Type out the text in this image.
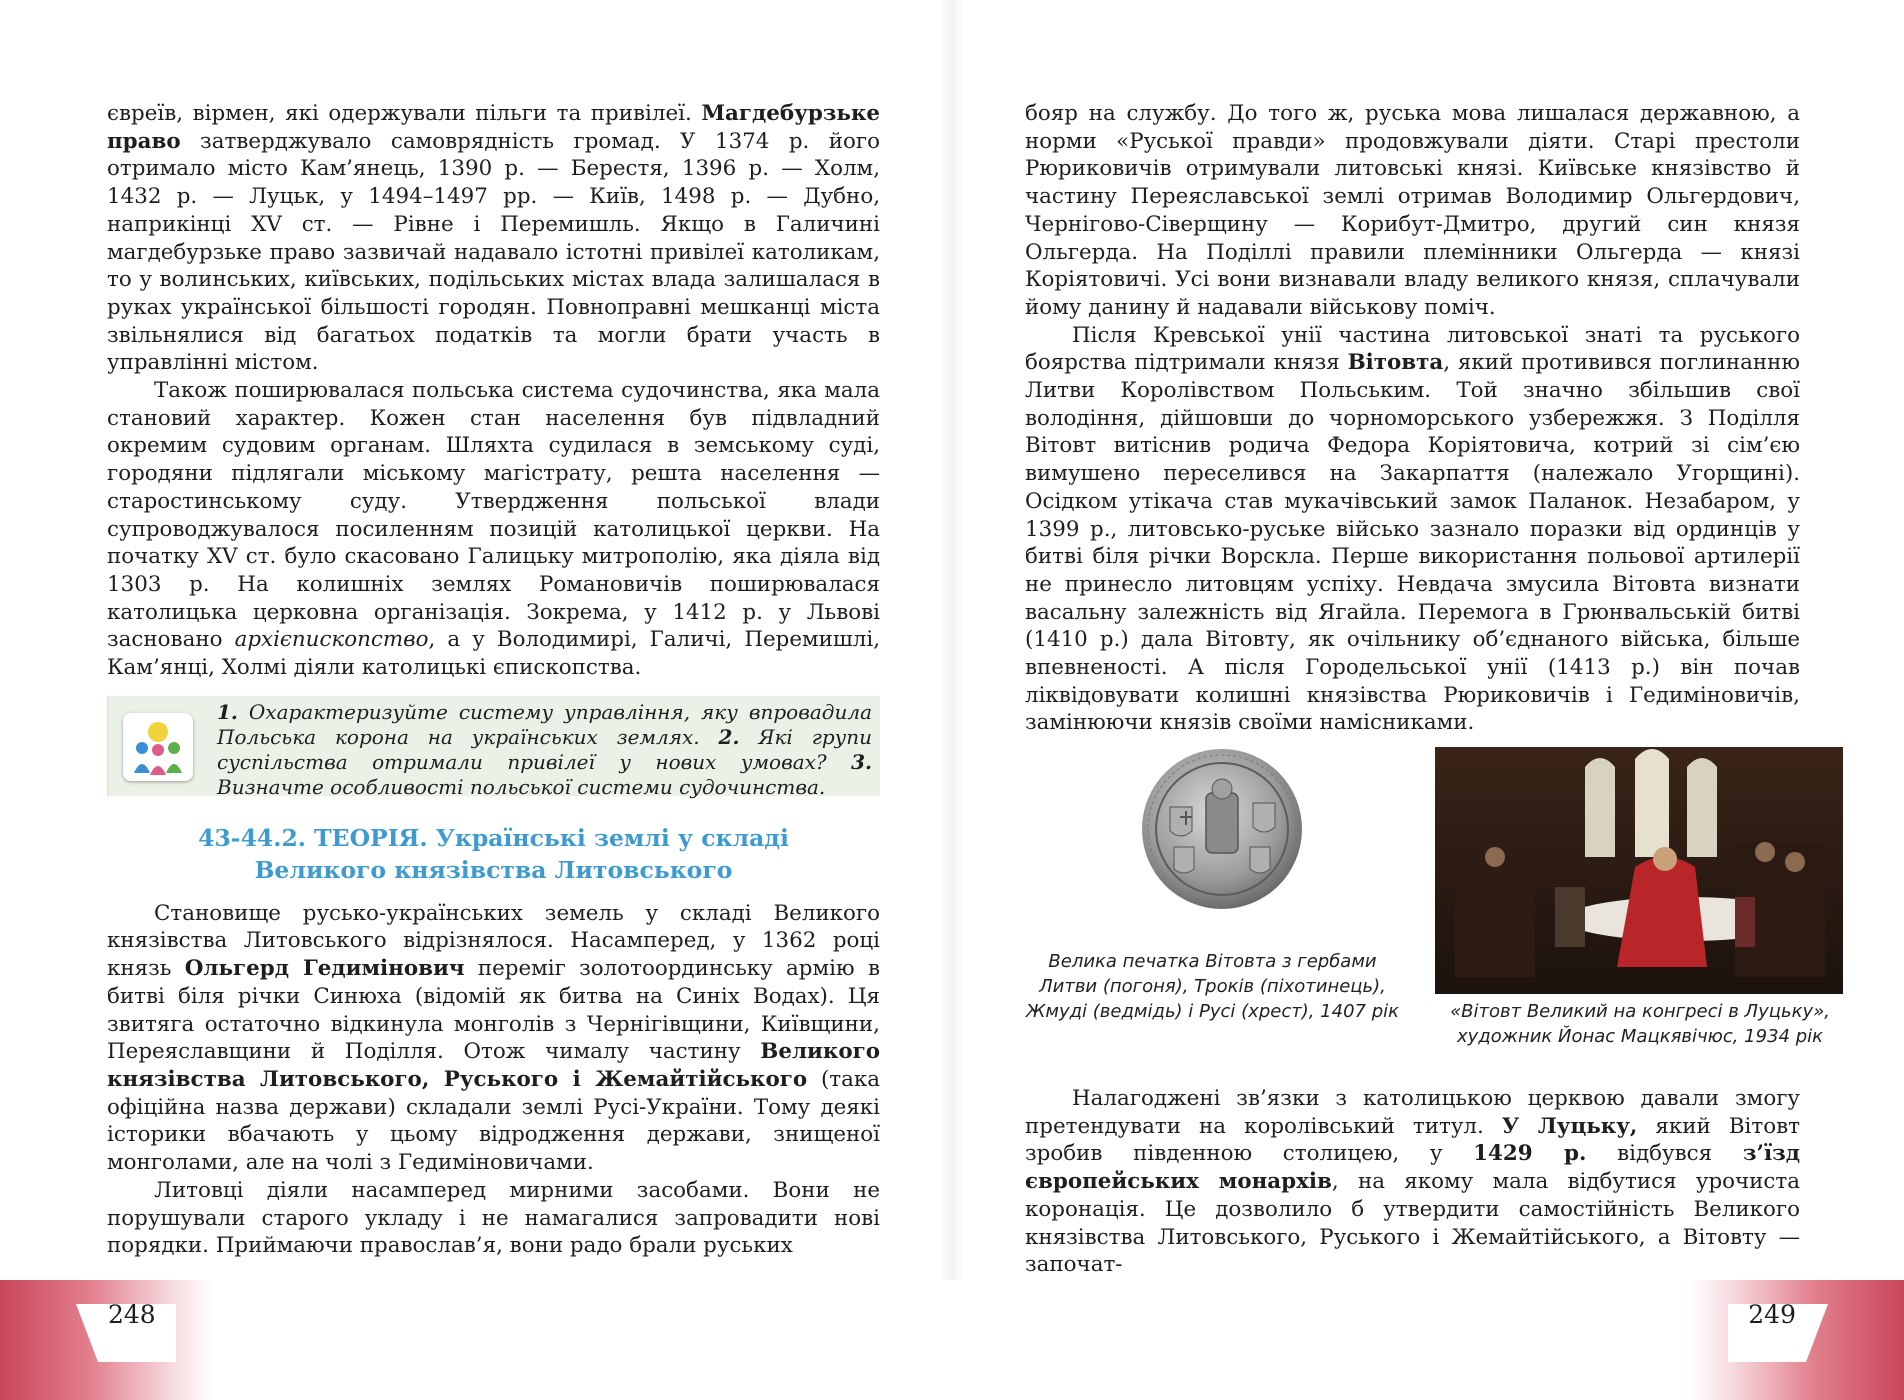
євреїв, вірмен, які одержували пільги та привілеї. Магдебурзьке право затверджувало самоврядність громад. У 1374 р. його отримало місто Кам’янець, 1390 р. — Берестя, 1396 р. — Холм, 1432 р. — Луцьк, у 1494–1497 рр. — Київ, 1498 р. — Дубно, наприкінці XV ст. — Рівне і Перемишль. Якщо в Галичині магдебурзьке право зазвичай надавало істотні привілеї католикам, то у волинських, київських, подільських містах влада залишалася в руках української більшості городян. Повноправні мешканці міста звільнялися від багатьох податків та могли брати участь в управлінні містом.

Також поширювалася польська система судочинства, яка мала становий характер. Кожен стан населення був підвладний окремим судовим органам. Шляхта судилася в земському суді, городяни підлягали міському магістрату, решта населення — старостинському суду. Утвердження польської влади супроводжувалося посиленням позицій католицької церкви. На початку XV ст. було скасовано Галицьку митрополію, яка діяла від 1303 р. На колишніх землях Романовичів поширювалася католицька церковна організація. Зокрема, у 1412 р. у Львові засновано архієпископство, а у Володимирі, Галичі, Перемишлі, Кам’янці, Холмі діяли католицькі єпископства.

1. Охарактеризуйте систему управління, яку впровадила Польська корона на українських землях. 2. Які групи суспільства отримали привілеї у нових умовах? 3. Визначте особливості польської системи судочинства.
43-44.2. ТЕОРІЯ. Українські землі у складі
Великого князівства Литовського

Становище русько-українських земель у складі Великого князівства Литовського відрізнялося. Насамперед, у 1362 році князь Ольгерд Гедимінович переміг золотоординську армію в битві біля річки Синюха (відомій як битва на Синіх Водах). Ця звитяга остаточно відкинула монголів з Чернігівщини, Київщини, Переяславщини й Поділля. Отож чималу частину Великого князівства Литовського, Руського і Жемайтійського (така офіційна назва держави) складали землі Русі-України. Тому деякі історики вбачають у цьому відродження держави, знищеної монголами, але на чолі з Гедиміновичами.

Литовці діяли насамперед мирними засобами. Вони не порушували старого укладу і не намагалися запровадити нові порядки. Приймаючи православ’я, вони радо брали руських

248

бояр на службу. До того ж, руська мова лишалася державною, а норми «Руської правди» продовжували діяти. Старі престоли Рюриковичів отримували литовські князі. Київське князівство й частину Переяславської землі отримав Володимир Ольгердович, Чернігово-Сіверщину — Корибут-Дмитро, другий син князя Ольгерда. На Поділлі правили племінники Ольгерда — князі Коріятовичі. Усі вони визнавали владу великого князя, сплачували йому данину й надавали військову поміч.

Після Кревської унії частина литовської знаті та руського боярства підтримали князя Вітовта, який противився поглинанню Литви Королівством Польським. Той значно збільшив свої володіння, дійшовши до чорноморського узбережжя. З Поділля Вітовт витіснив родича Федора Коріятовича, котрий зі сім’єю вимушено переселився на Закарпаття (належало Угорщині). Осідком утікача став мукачівський замок Паланок. Незабаром, у 1399 р., литовсько-руське військо зазнало поразки від ординців у битві біля річки Ворскла. Перше використання польової артилерії не принесло литовцям успіху. Невдача змусила Вітовта визнати васальну залежність від Ягайла. Перемога в Грюнвальській битві (1410 р.) дала Вітовту, як очільнику об’єднаного війська, більше впевненості. А після Городельської унії (1413 р.) він почав ліквідовувати колишні князівства Рюриковичів і Гедиміновичів, замінюючи князів своїми намісниками.

Велика печатка Вітовта з гербами Литви (погоня), Троків (піхотинець), Жмуді (ведмідь) і Русі (хрест), 1407 рік	«Вітовт Великий на конгресі в Луцьку», художник Йонас Мацкявічюс, 1934 рік

Налагоджені зв’язки з католицькою церквою давали змогу претендувати на королівський титул. У Луцьку, який Вітовт зробив південною столицею, у 1429 р. відбувся з’їзд європейських монархів, на якому мала відбутися урочиста коронація. Це дозволило б утвердити самостійність Великого князівства Литовського, Руського і Жемайтійського, а Вітовту — започат-

249
